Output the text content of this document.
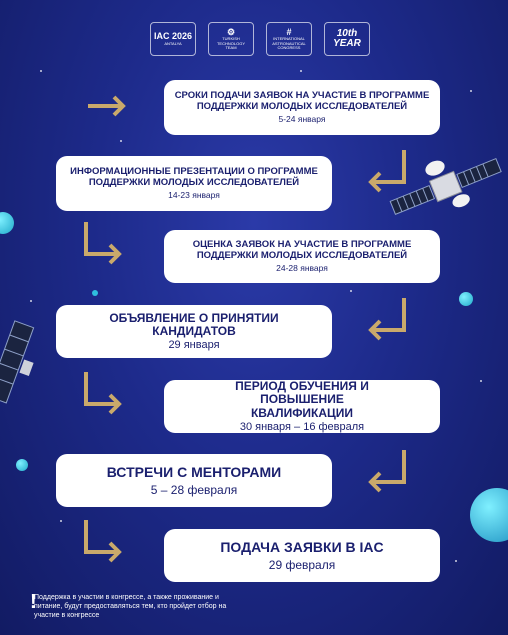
IAC 2026
ANTALYA
⚙
TURKISH TECHNOLOGY TEAM
#
INTERNATIONAL ASTRONAUTICAL CONGRESS
10th YEAR
СРОКИ ПОДАЧИ ЗАЯВОК НА УЧАСТИЕ В ПРОГРАММЕ ПОДДЕРЖКИ МОЛОДЫХ ИССЛЕДОВАТЕЛЕЙ
5-24 января
ИНФОРМАЦИОННЫЕ ПРЕЗЕНТАЦИИ О ПРОГРАММЕ ПОДДЕРЖКИ МОЛОДЫХ ИССЛЕДОВАТЕЛЕЙ
14-23 января
ОЦЕНКА ЗАЯВОК НА УЧАСТИЕ В ПРОГРАММЕ ПОДДЕРЖКИ МОЛОДЫХ ИССЛЕДОВАТЕЛЕЙ
24-28 января
ОБЪЯВЛЕНИЕ О ПРИНЯТИИ КАНДИДАТОВ
29 января
ПЕРИОД ОБУЧЕНИЯ И ПОВЫШЕНИЕ КВАЛИФИКАЦИИ
30 января – 16 февраля
ВСТРЕЧИ С МЕНТОРАМИ
5 – 28 февраля
ПОДАЧА ЗАЯВКИ В IAC
29 февраля
!
Поддержка в участии в конгрессе, а также проживание и питание, будут предоставляться тем, кто пройдет отбор на участие в конгрессе
